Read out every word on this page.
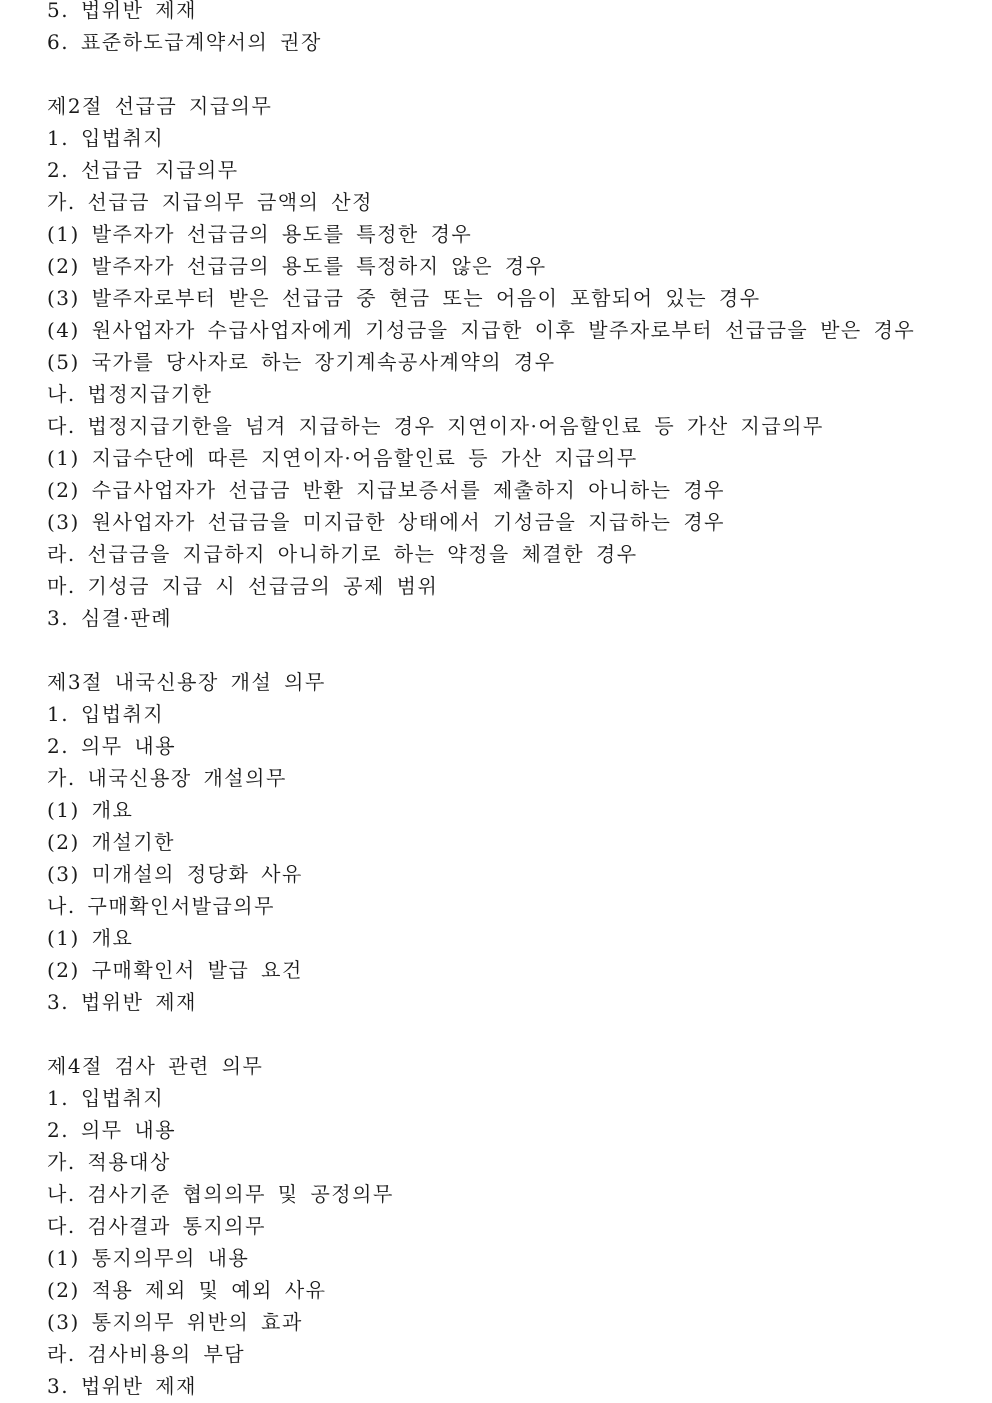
5. 법위반 제재
6. 표준하도급계약서의 권장
제2절 선급금 지급의무
1. 입법취지
2. 선급금 지급의무
가. 선급금 지급의무 금액의 산정
(1) 발주자가 선급금의 용도를 특정한 경우
(2) 발주자가 선급금의 용도를 특정하지 않은 경우
(3) 발주자로부터 받은 선급금 중 현금 또는 어음이 포함되어 있는 경우
(4) 원사업자가 수급사업자에게 기성금을 지급한 이후 발주자로부터 선급금을 받은 경우
(5) 국가를 당사자로 하는 장기계속공사계약의 경우
나. 법정지급기한
다. 법정지급기한을 넘겨 지급하는 경우 지연이자·어음할인료 등 가산 지급의무
(1) 지급수단에 따른 지연이자·어음할인료 등 가산 지급의무
(2) 수급사업자가 선급금 반환 지급보증서를 제출하지 아니하는 경우
(3) 원사업자가 선급금을 미지급한 상태에서 기성금을 지급하는 경우
라. 선급금을 지급하지 아니하기로 하는 약정을 체결한 경우
마. 기성금 지급 시 선급금의 공제 범위
3. 심결·판례
제3절 내국신용장 개설 의무
1. 입법취지
2. 의무 내용
가. 내국신용장 개설의무
(1) 개요
(2) 개설기한
(3) 미개설의 정당화 사유
나. 구매확인서발급의무
(1) 개요
(2) 구매확인서 발급 요건
3. 법위반 제재
제4절 검사 관련 의무
1. 입법취지
2. 의무 내용
가. 적용대상
나. 검사기준 협의의무 및 공정의무
다. 검사결과 통지의무
(1) 통지의무의 내용
(2) 적용 제외 및 예외 사유
(3) 통지의무 위반의 효과
라. 검사비용의 부담
3. 법위반 제재
